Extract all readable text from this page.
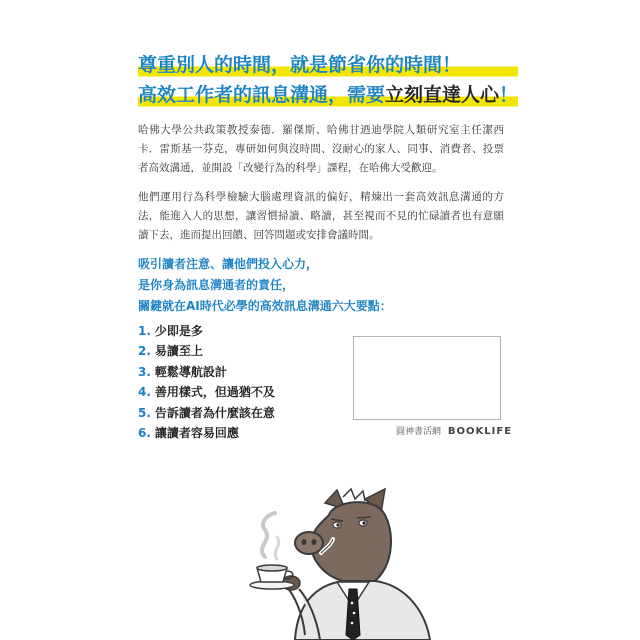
尊重別人的時間，就是節省你的時間！
高效工作者的訊息溝通，需要立刻直達人心！

哈佛大學公共政策教授泰德．羅傑斯、哈佛甘迺迪學院人類研究室主任潔西卡．雷斯基一芬克，專研如何與沒時間、沒耐心的家人、同事、消費者、投票者高效溝通，並開設「改變行為的科學」課程，在哈佛大受歡迎。

他們運用行為科學檢驗大腦處理資訊的偏好，精煉出一套高效訊息溝通的方法，能進入人的思想，讓習慣掃讀、略讀，甚至視而不見的忙碌讀者也有意願讀下去，進而提出回饋、回答問題或安排會議時間。

吸引讀者注意、讓他們投入心力，
是你身為訊息溝通者的責任，
關鍵就在AI時代必學的高效訊息溝通六大要點：
1. 少即是多
2. 易讀至上
3. 輕鬆導航設計
4. 善用樣式，但過猶不及
5. 告訴讀者為什麼該在意
6. 讓讀者容易回應	圓神書活網 BOOKLIFE
